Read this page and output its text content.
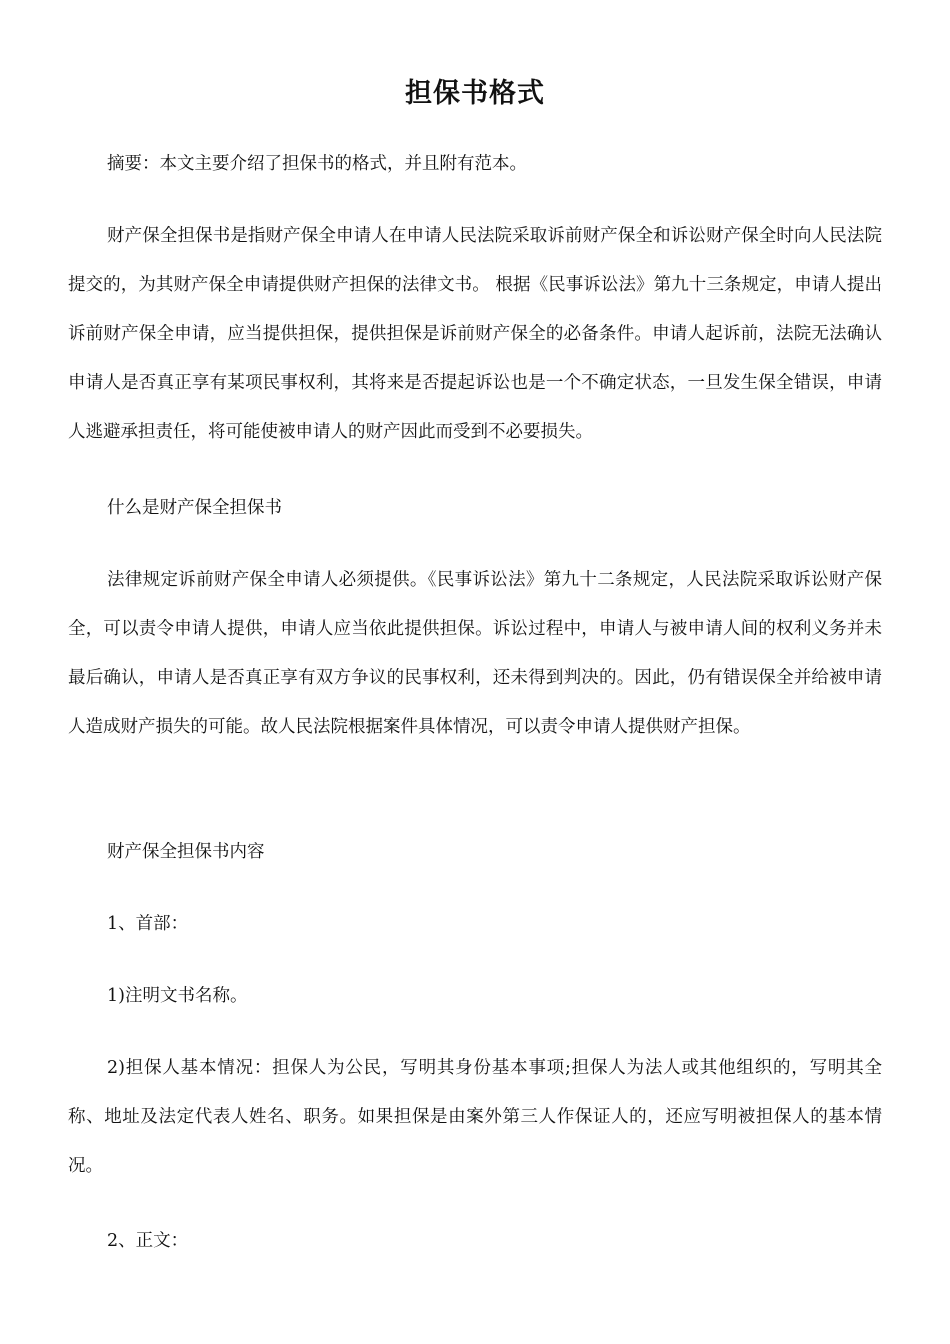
担保书格式

摘要：本文主要介绍了担保书的格式，并且附有范本。

财产保全担保书是指财产保全申请人在申请人民法院采取诉前财产保全和诉讼财产保全时向人民法院提交的，为其财产保全申请提供财产担保的法律文书。 根据《民事诉讼法》第九十三条规定，申请人提出诉前财产保全申请，应当提供担保，提供担保是诉前财产保全的必备条件。申请人起诉前，法院无法确认申请人是否真正享有某项民事权利，其将来是否提起诉讼也是一个不确定状态，一旦发生保全错误，申请人逃避承担责任，将可能使被申请人的财产因此而受到不必要损失。

什么是财产保全担保书

法律规定诉前财产保全申请人必须提供。《民事诉讼法》第九十二条规定，人民法院采取诉讼财产保全，可以责令申请人提供，申请人应当依此提供担保。诉讼过程中，申请人与被申请人间的权利义务并未最后确认，申请人是否真正享有双方争议的民事权利，还未得到判决的。因此，仍有错误保全并给被申请人造成财产损失的可能。故人民法院根据案件具体情况，可以责令申请人提供财产担保。

财产保全担保书内容

1、首部：

1)注明文书名称。

2)担保人基本情况：担保人为公民，写明其身份基本事项;担保人为法人或其他组织的，写明其全称、地址及法定代表人姓名、职务。如果担保是由案外第三人作保证人的，还应写明被担保人的基本情况。

2、正文：
